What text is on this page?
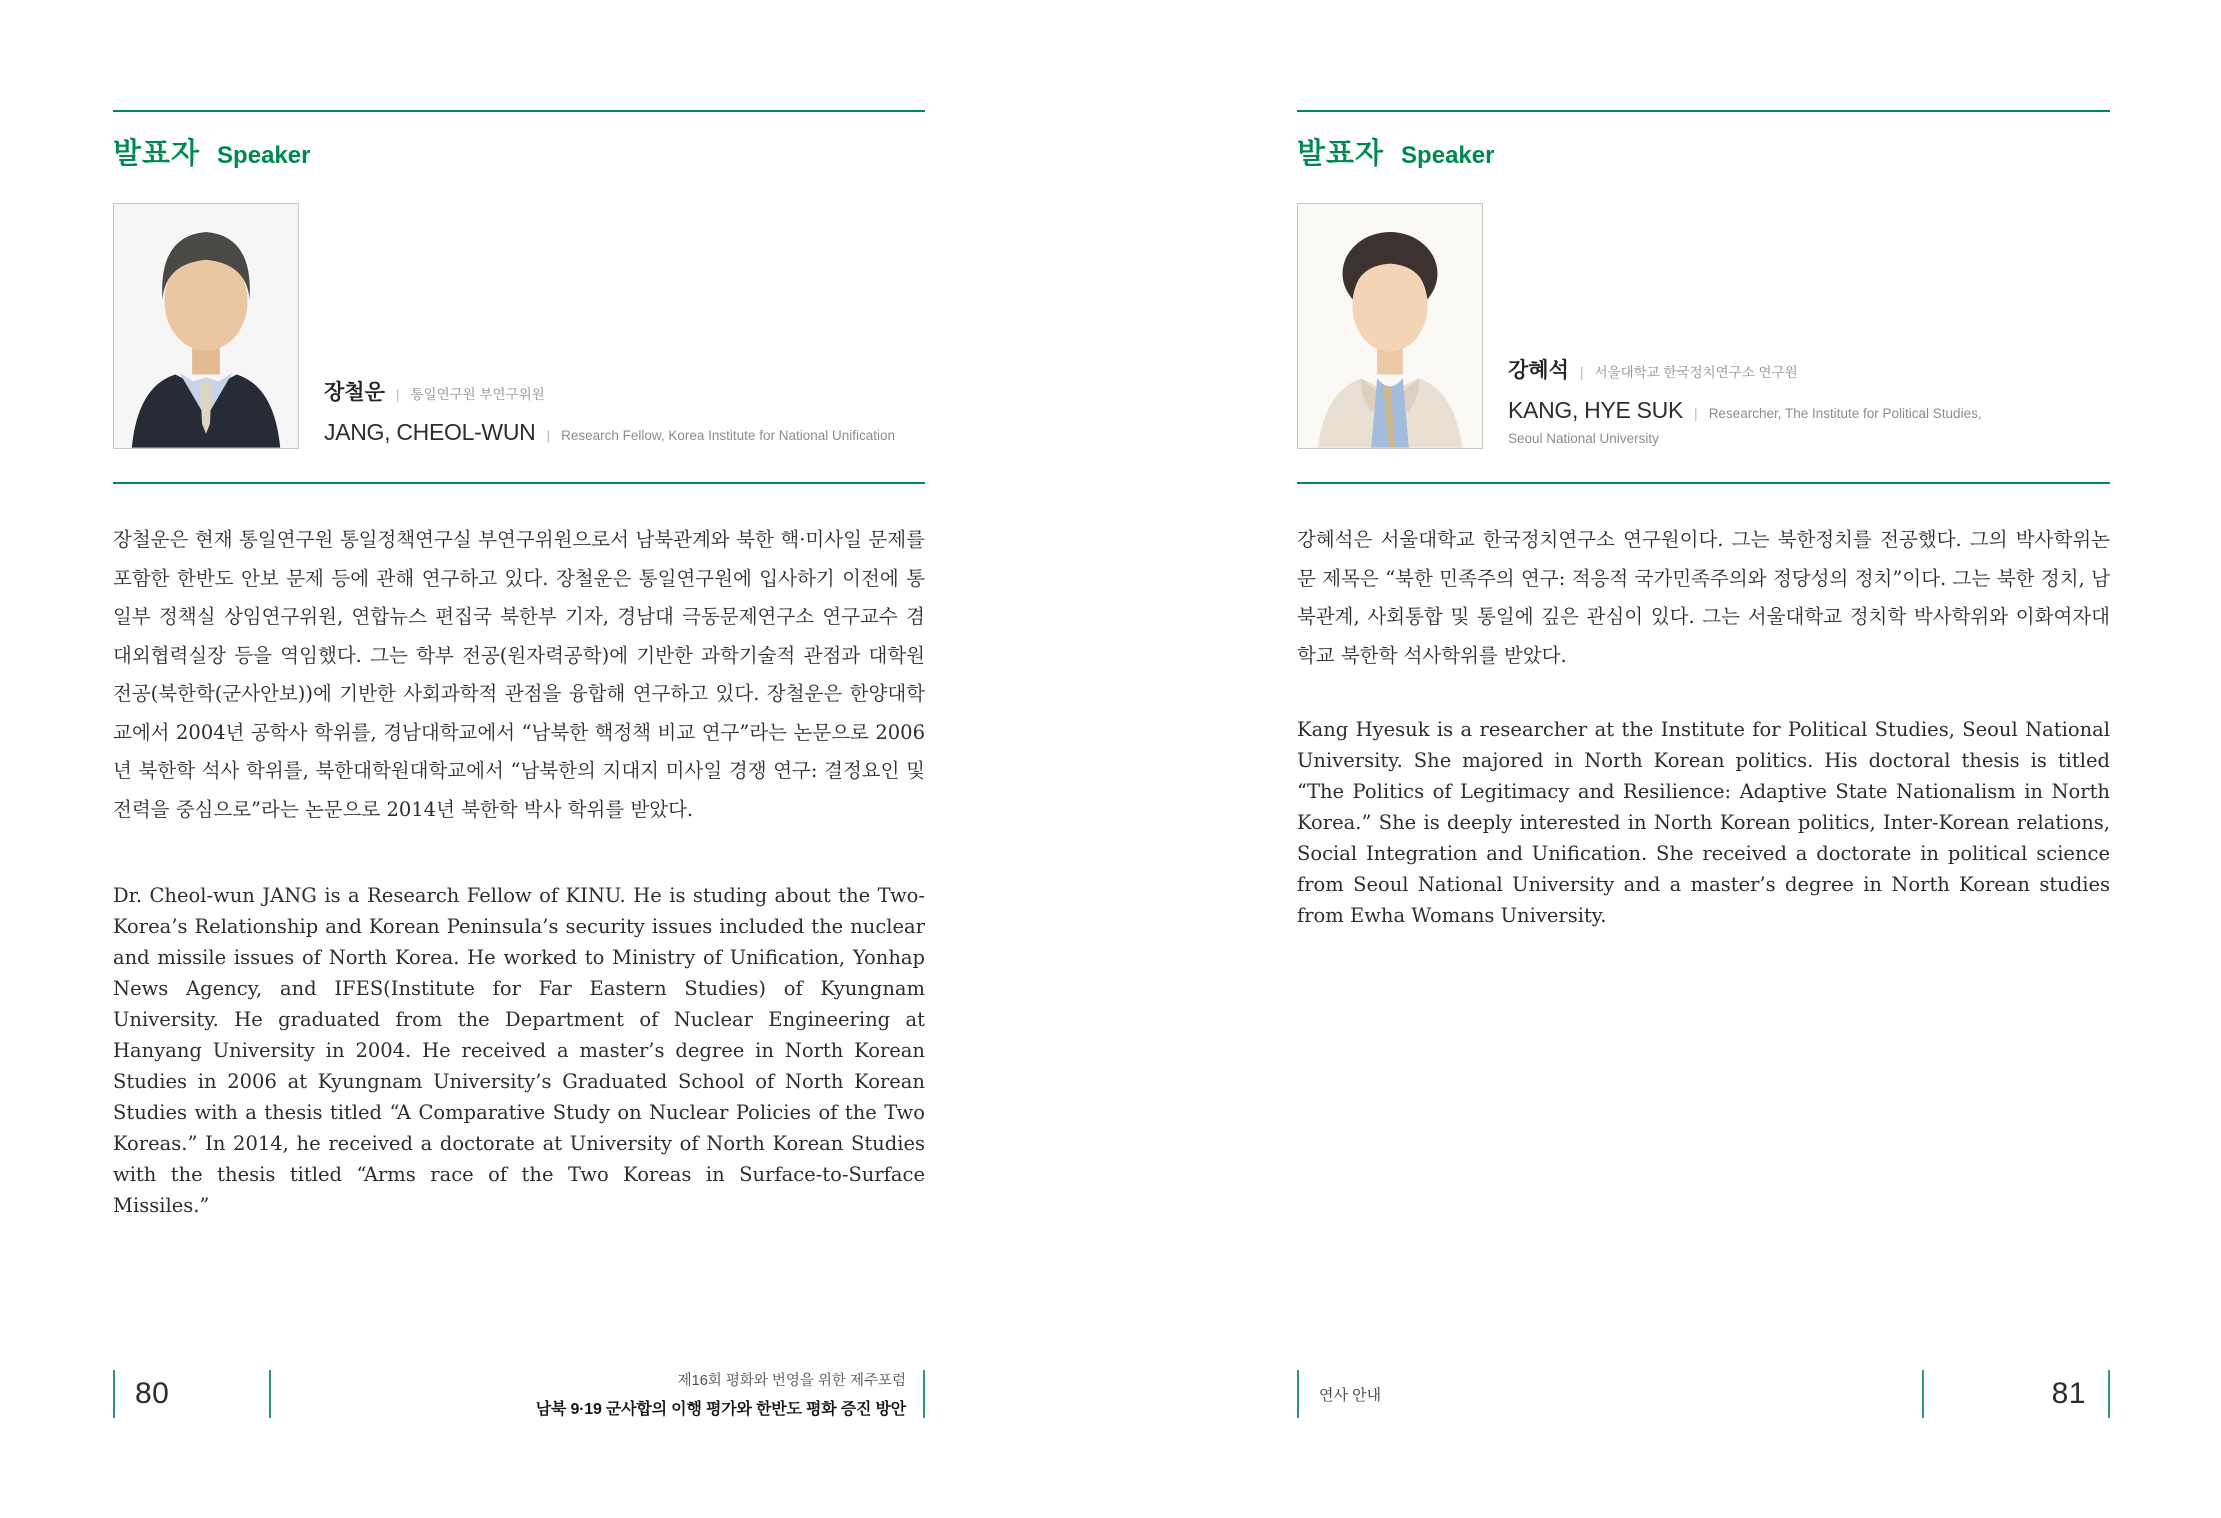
발표자 Speaker
장철운 | 통일연구원 부연구위원
JANG, CHEOL-WUN | Research Fellow, Korea Institute for National Unification

장철운은 현재 통일연구원 통일정책연구실 부연구위원으로서 남북관계와 북한 핵·미사일 문제를 포함한 한반도 안보 문제 등에 관해 연구하고 있다. 장철운은 통일연구원에 입사하기 이전에 통일부 정책실 상임연구위원, 연합뉴스 편집국 북한부 기자, 경남대 극동문제연구소 연구교수 겸 대외협력실장 등을 역임했다. 그는 학부 전공(원자력공학)에 기반한 과학기술적 관점과 대학원 전공(북한학(군사안보))에 기반한 사회과학적 관점을 융합해 연구하고 있다. 장철운은 한양대학교에서 2004년 공학사 학위를, 경남대학교에서 “남북한 핵정책 비교 연구”라는 논문으로 2006년 북한학 석사 학위를, 북한대학원대학교에서 “남북한의 지대지 미사일 경쟁 연구: 결정요인 및 전력을 중심으로”라는 논문으로 2014년 북한학 박사 학위를 받았다.

Dr. Cheol-wun JANG is a Research Fellow of KINU. He is studing about the Two-Korea’s Relationship and Korean Peninsula’s security issues included the nuclear and missile issues of North Korea. He worked to Ministry of Unification, Yonhap News Agency, and IFES(Institute for Far Eastern Studies) of Kyungnam University. He graduated from the Department of Nuclear Engineering at Hanyang University in 2004. He received a master’s degree in North Korean Studies in 2006 at Kyungnam University’s Graduated School of North Korean Studies with a thesis titled “A Comparative Study on Nuclear Policies of the Two Koreas.” In 2014, he received a doctorate at University of North Korean Studies with the thesis titled “Arms race of the Two Koreas in Surface-to-Surface Missiles.”

80	제16회 평화와 번영을 위한 제주포럼
남북 9·19 군사합의 이행 평가와 한반도 평화 증진 방안
발표자 Speaker
강혜석 | 서울대학교 한국정치연구소 연구원
KANG, HYE SUK | Researcher, The Institute for Political Studies,
Seoul National University

강혜석은 서울대학교 한국정치연구소 연구원이다. 그는 북한정치를 전공했다. 그의 박사학위논문 제목은 “북한 민족주의 연구: 적응적 국가민족주의와 정당성의 정치”이다. 그는 북한 정치, 남북관계, 사회통합 및 통일에 깊은 관심이 있다. 그는 서울대학교 정치학 박사학위와 이화여자대학교 북한학 석사학위를 받았다.

Kang Hyesuk is a researcher at the Institute for Political Studies, Seoul National University. She majored in North Korean politics. His doctoral thesis is titled “The Politics of Legitimacy and Resilience: Adaptive State Nationalism in North Korea.” She is deeply interested in North Korean politics, Inter-Korean relations, Social Integration and Unification. She received a doctorate in political science from Seoul National University and a master’s degree in North Korean studies from Ewha Womans University.

연사 안내	81
